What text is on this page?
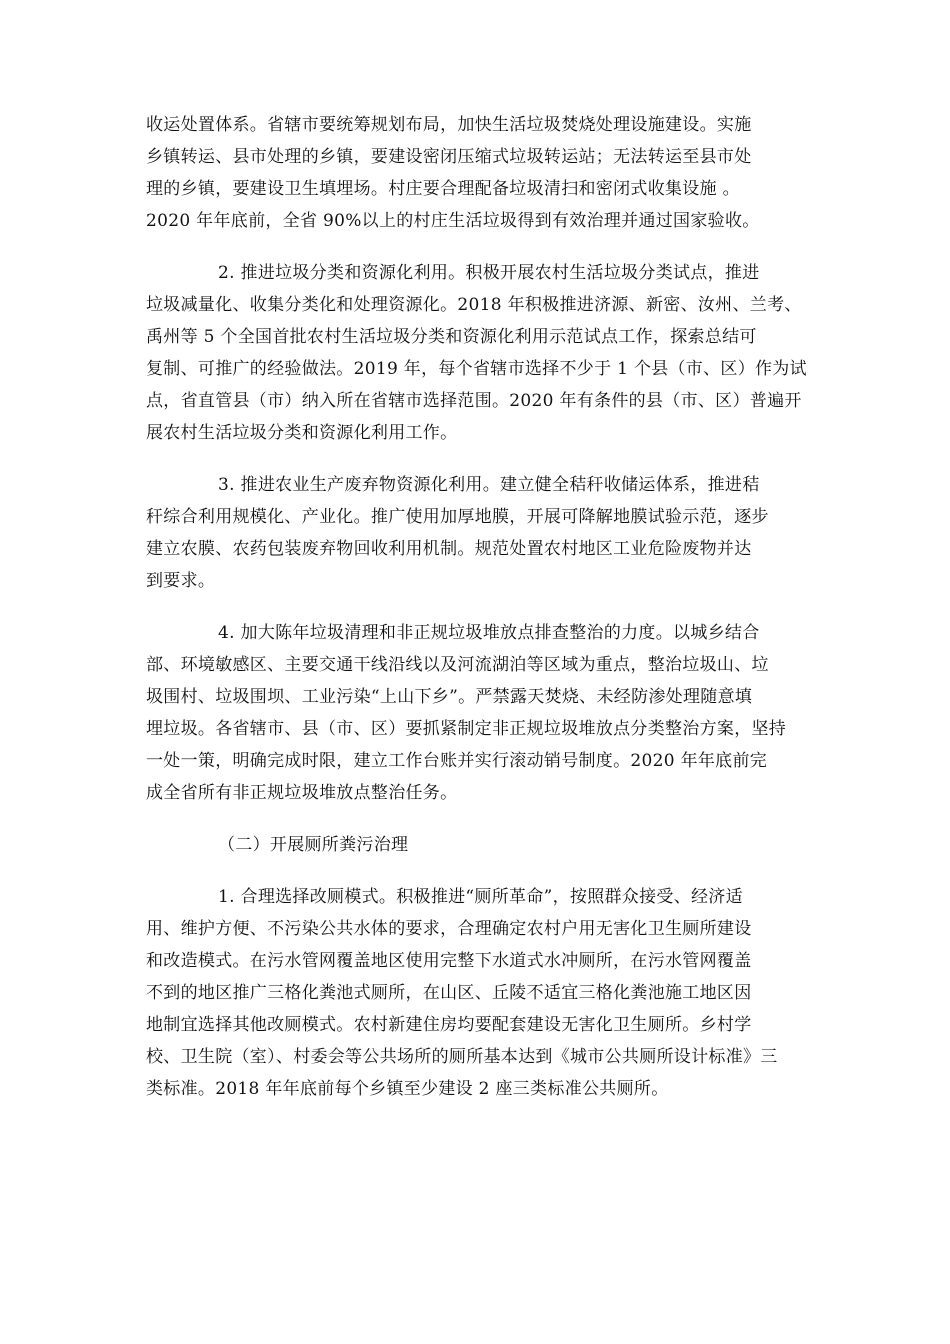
收运处置体系。省辖市要统筹规划布局，加快生活垃圾焚烧处理设施建设。实施
乡镇转运、县市处理的乡镇，要建设密闭压缩式垃圾转运站；无法转运至县市处
理的乡镇，要建设卫生填埋场。村庄要合理配备垃圾清扫和密闭式收集设施 。
2020 年年底前，全省 90%以上的村庄生活垃圾得到有效治理并通过国家验收。
2. 推进垃圾分类和资源化利用。积极开展农村生活垃圾分类试点，推进
垃圾减量化、收集分类化和处理资源化。2018 年积极推进济源、新密、汝州、兰考、
禹州等 5 个全国首批农村生活垃圾分类和资源化利用示范试点工作，探索总结可
复制、可推广的经验做法。2019 年，每个省辖市选择不少于 1 个县（市、区）作为试
点，省直管县（市）纳入所在省辖市选择范围。2020 年有条件的县（市、区）普遍开
展农村生活垃圾分类和资源化利用工作。
3. 推进农业生产废弃物资源化利用。建立健全秸秆收储运体系，推进秸
秆综合利用规模化、产业化。推广使用加厚地膜，开展可降解地膜试验示范，逐步
建立农膜、农药包装废弃物回收利用机制。规范处置农村地区工业危险废物并达
到要求。
4. 加大陈年垃圾清理和非正规垃圾堆放点排查整治的力度。以城乡结合
部、环境敏感区、主要交通干线沿线以及河流湖泊等区域为重点，整治垃圾山、垃
圾围村、垃圾围坝、工业污染“上山下乡”。严禁露天焚烧、未经防渗处理随意填
埋垃圾。各省辖市、县（市、区）要抓紧制定非正规垃圾堆放点分类整治方案，坚持
一处一策，明确完成时限，建立工作台账并实行滚动销号制度。2020 年年底前完
成全省所有非正规垃圾堆放点整治任务。
（二）开展厕所粪污治理
1. 合理选择改厕模式。积极推进“厕所革命”，按照群众接受、经济适
用、维护方便、不污染公共水体的要求，合理确定农村户用无害化卫生厕所建设
和改造模式。在污水管网覆盖地区使用完整下水道式水冲厕所，在污水管网覆盖
不到的地区推广三格化粪池式厕所，在山区、丘陵不适宜三格化粪池施工地区因
地制宜选择其他改厕模式。农村新建住房均要配套建设无害化卫生厕所。乡村学
校、卫生院（室）、村委会等公共场所的厕所基本达到《城市公共厕所设计标准》三
类标准。2018 年年底前每个乡镇至少建设 2 座三类标准公共厕所。
